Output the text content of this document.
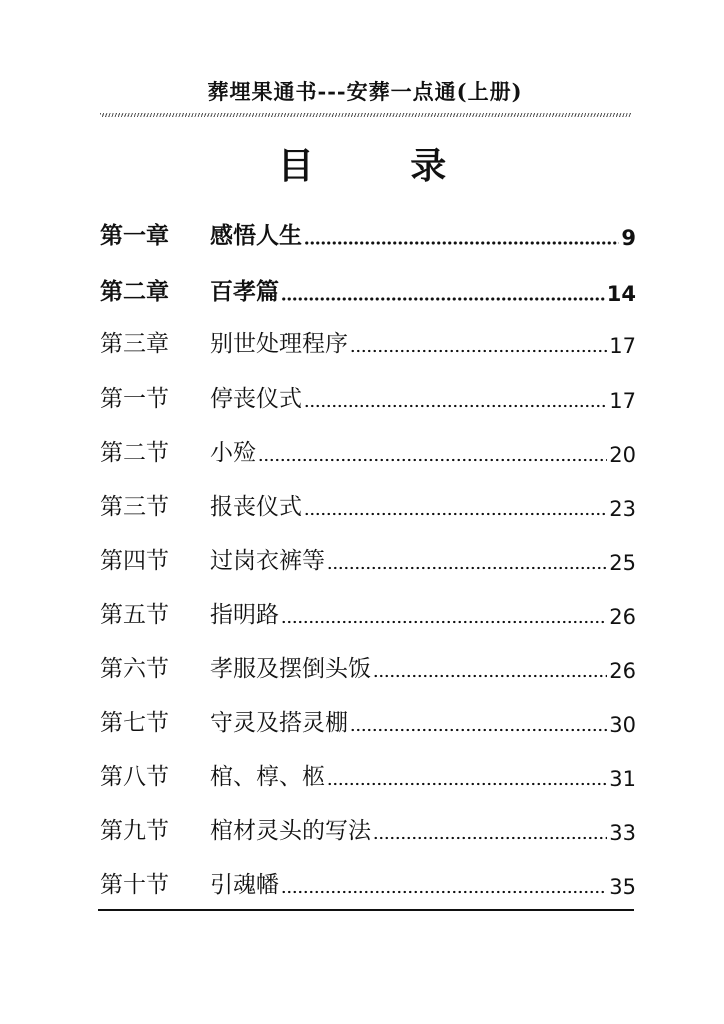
葬埋果通书---安葬一点通(上册)
目 录
第一章	感悟人生	9
第二章	百孝篇	14
第三章	别世处理程序	17
第一节	停丧仪式	17
第二节	小殓	20
第三节	报丧仪式	23
第四节	过岗衣裤等	25
第五节	指明路	26
第六节	孝服及摆倒头饭	26
第七节	守灵及搭灵棚	30
第八节	棺、椁、柩	31
第九节	棺材灵头的写法	33
第十节	引魂幡	35
